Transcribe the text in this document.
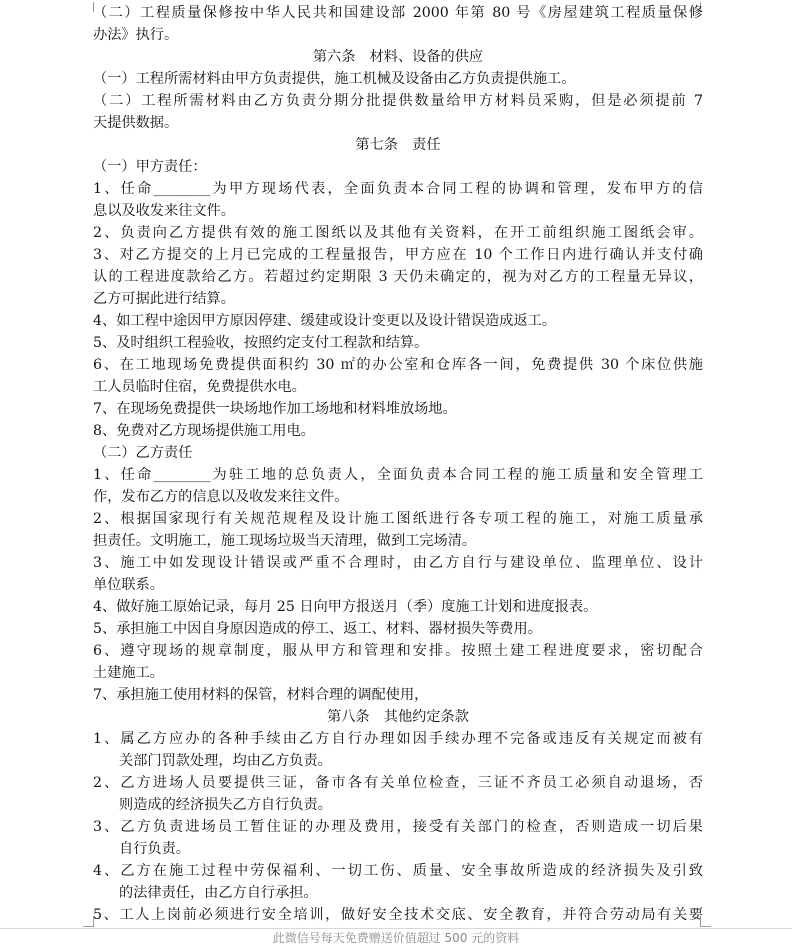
（二）工程质量保修按中华人民共和国建设部 2000 年第 80 号《房屋建筑工程质量保修
办法》执行。
第六条　材料、设备的供应
（一）工程所需材料由甲方负责提供，施工机械及设备由乙方负责提供施工。
（二）工程所需材料由乙方负责分期分批提供数量给甲方材料员采购，但是必须提前 7
天提供数据。
第七条　责任
（一）甲方责任：
1、任命________为甲方现场代表，全面负责本合同工程的协调和管理，发布甲方的信
息以及收发来往文件。
2、负责向乙方提供有效的施工图纸以及其他有关资料，在开工前组织施工图纸会审。
3、对乙方提交的上月已完成的工程量报告，甲方应在 10 个工作日内进行确认并支付确
认的工程进度款给乙方。若超过约定期限 3 天仍未确定的，视为对乙方的工程量无异议，
乙方可据此进行结算。
4、如工程中途因甲方原因停建、缓建或设计变更以及设计错误造成返工。
5、及时组织工程验收，按照约定支付工程款和结算。
6、在工地现场免费提供面积约 30 ㎡的办公室和仓库各一间，免费提供 30 个床位供施
工人员临时住宿，免费提供水电。
7、在现场免费提供一块场地作加工场地和材料堆放场地。
8、免费对乙方现场提供施工用电。
（二）乙方责任
1、任命________为驻工地的总负责人，全面负责本合同工程的施工质量和安全管理工
作，发布乙方的信息以及收发来往文件。
2、根据国家现行有关规范规程及设计施工图纸进行各专项工程的施工，对施工质量承
担责任。文明施工，施工现场垃圾当天清理，做到工完场清。
3、施工中如发现设计错误或严重不合理时，由乙方自行与建设单位、监理单位、设计
单位联系。
4、做好施工原始记录，每月 25 日向甲方报送月（季）度施工计划和进度报表。
5、承担施工中因自身原因造成的停工、返工、材料、器材损失等费用。
6、遵守现场的规章制度，服从甲方和管理和安排。按照土建工程进度要求，密切配合
土建施工。
7、承担施工使用材料的保管，材料合理的调配使用，
第八条　其他约定条款
1、属乙方应办的各种手续由乙方自行办理如因手续办理不完备或违反有关规定而被有
关部门罚款处理，均由乙方负责。
2、乙方进场人员要提供三证，备市各有关单位检查，三证不齐员工必须自动退场，否
则造成的经济损失乙方自行负责。
3、乙方负责进场员工暂住证的办理及费用，接受有关部门的检查，否则造成一切后果
自行负责。
4、乙方在施工过程中劳保福利、一切工伤、质量、安全事故所造成的经济损失及引致
的法律责任，由乙方自行承担。
5、工人上岗前必须进行安全培训，做好安全技术交底、安全教育，并符合劳动局有关要
此微信号每天免费赠送价值超过 500 元的资料
